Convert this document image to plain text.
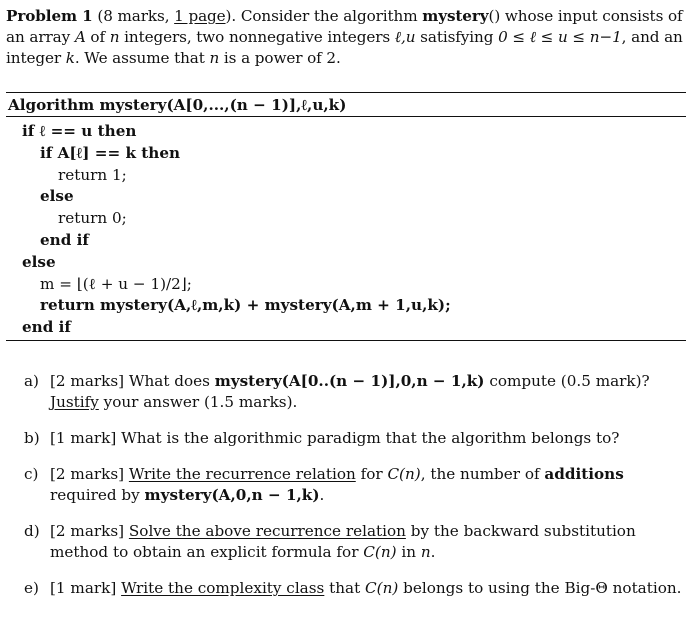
Problem 1 (8 marks, 1 page). Consider the algorithm mystery() whose input consists of an array A of n integers, two nonnegative integers ℓ,u satisfying 0 ≤ ℓ ≤ u ≤ n−1, and an integer k. We assume that n is a power of 2.
Algorithm mystery(A[0,...,(n − 1)],ℓ,u,k)
if ℓ == u then
if A[ℓ] == k then
return 1;
else
return 0;
end if
else
m = ⌊(ℓ + u − 1)/2⌋;
return mystery(A,ℓ,m,k) + mystery(A,m + 1,u,k);
end if
a) [2 marks] What does mystery(A[0..(n − 1)],0,n − 1,k) compute (0.5 mark)? Justify your answer (1.5 marks).
b) [1 mark] What is the algorithmic paradigm that the algorithm belongs to?
c) [2 marks] Write the recurrence relation for C(n), the number of additions required by mystery(A,0,n − 1,k).
d) [2 marks] Solve the above recurrence relation by the backward substitution method to obtain an explicit formula for C(n) in n.
e) [1 mark] Write the complexity class that C(n) belongs to using the Big-Θ notation.
